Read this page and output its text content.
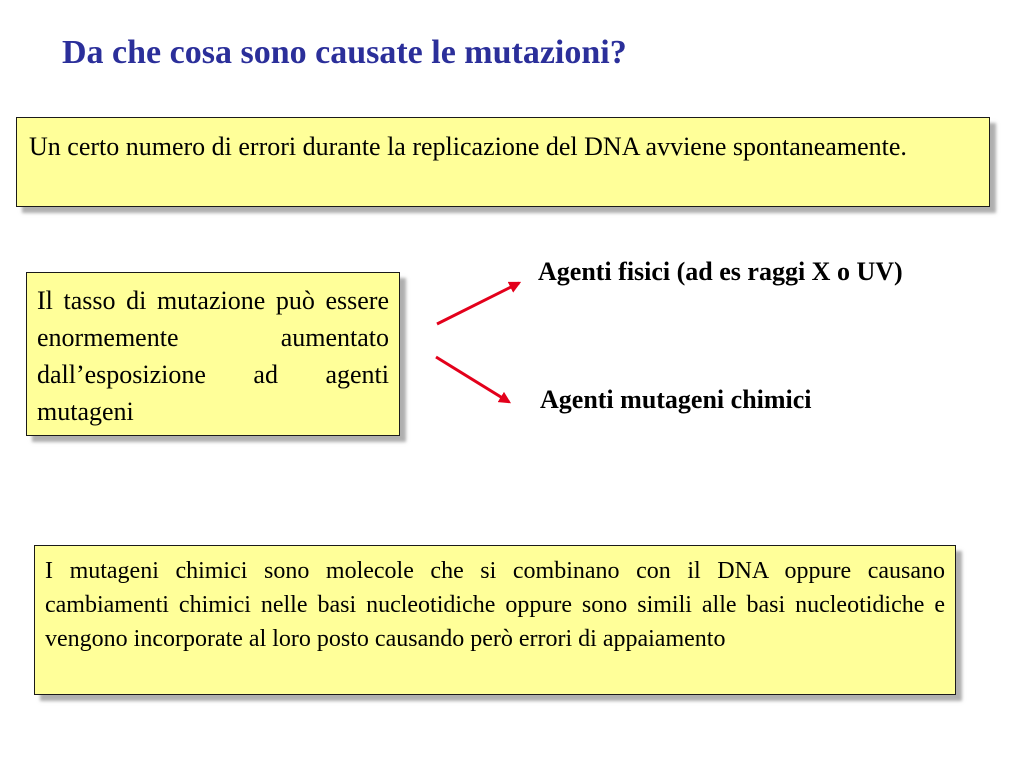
Da che cosa sono causate le mutazioni?

Un certo numero di errori durante la replicazione del DNA avviene spontaneamente.

Il tasso di mutazione può essere enormemente aumentato dall’esposizione ad agenti mutageni

Agenti fisici (ad es raggi X o UV)
Agenti mutageni chimici

I mutageni chimici sono molecole che si combinano con il DNA oppure causano cambiamenti chimici nelle basi nucleotidiche oppure sono simili alle basi nucleotidiche e vengono incorporate al loro posto causando però errori di appaiamento
